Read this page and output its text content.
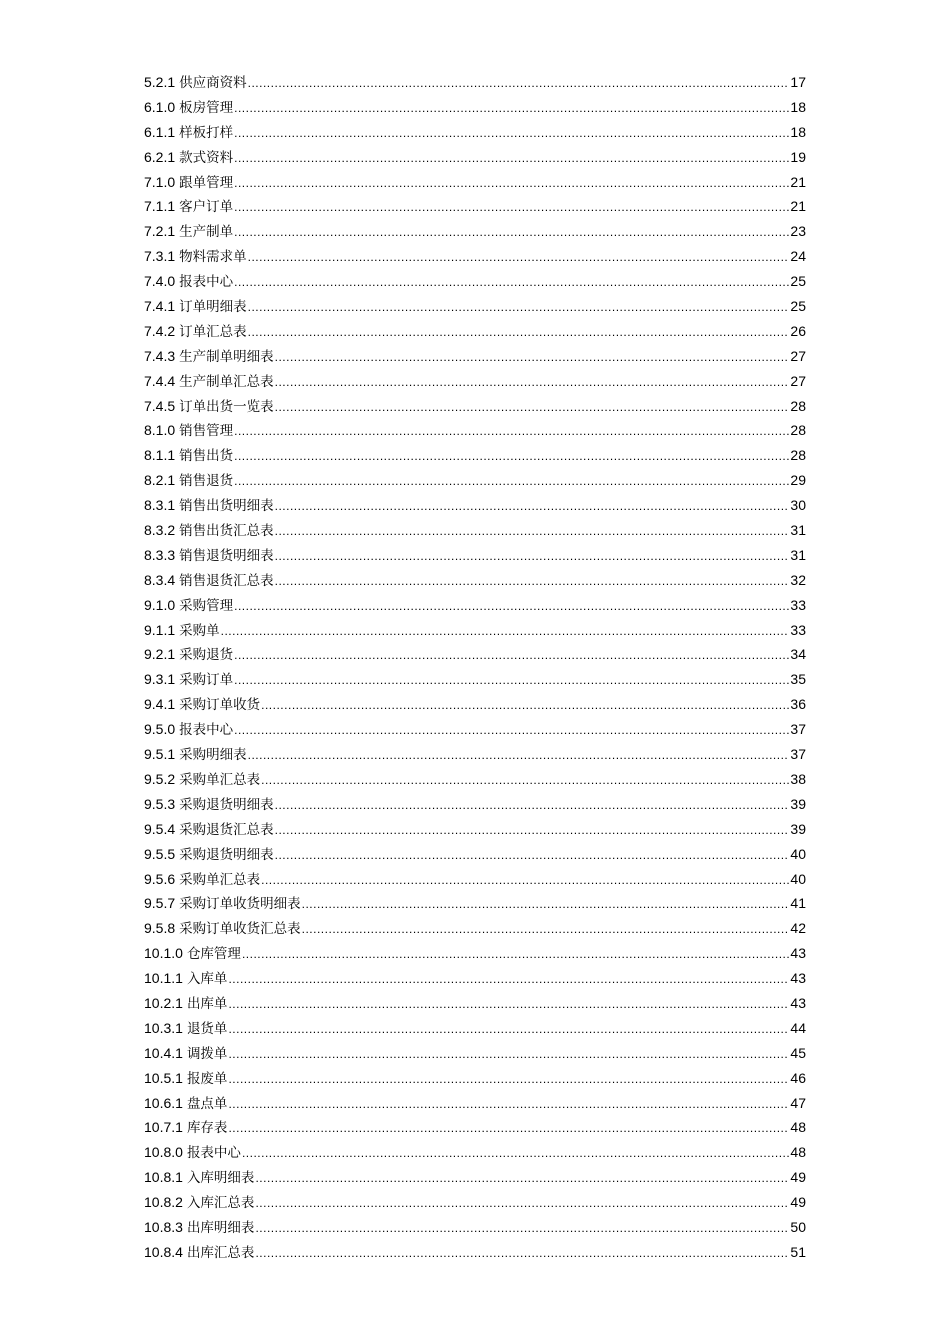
5.2.1 供应商资料 .....	17
6.1.0 板房管理 .....	18
6.1.1 样板打样 .....	18
6.2.1 款式资料 .....	19
7.1.0 跟单管理 .....	21
7.1.1 客户订单 .....	21
7.2.1 生产制单 .....	23
7.3.1 物料需求单 .....	24
7.4.0 报表中心 .....	25
7.4.1 订单明细表 .....	25
7.4.2 订单汇总表 .....	26
7.4.3 生产制单明细表 .....	27
7.4.4 生产制单汇总表 .....	27
7.4.5 订单出货一览表 .....	28
8.1.0 销售管理 .....	28
8.1.1 销售出货 .....	28
8.2.1 销售退货 .....	29
8.3.1 销售出货明细表 .....	30
8.3.2 销售出货汇总表 .....	31
8.3.3 销售退货明细表 .....	31
8.3.4 销售退货汇总表 .....	32
9.1.0 采购管理 .....	33
9.1.1 采购单 .....	33
9.2.1 采购退货 .....	34
9.3.1 采购订单 .....	35
9.4.1 采购订单收货 .....	36
9.5.0 报表中心 .....	37
9.5.1 采购明细表 .....	37
9.5.2 采购单汇总表 .....	38
9.5.3 采购退货明细表 .....	39
9.5.4 采购退货汇总表 .....	39
9.5.5 采购退货明细表 .....	40
9.5.6 采购单汇总表 .....	40
9.5.7 采购订单收货明细表 .....	41
9.5.8 采购订单收货汇总表 .....	42
10.1.0 仓库管理 .....	43
10.1.1 入库单 .....	43
10.2.1 出库单 .....	43
10.3.1 退货单 .....	44
10.4.1 调拨单 .....	45
10.5.1 报废单 .....	46
10.6.1 盘点单 .....	47
10.7.1 库存表 .....	48
10.8.0 报表中心 .....	48
10.8.1 入库明细表 .....	49
10.8.2 入库汇总表 .....	49
10.8.3 出库明细表 .....	50
10.8.4 出库汇总表 .....	51
